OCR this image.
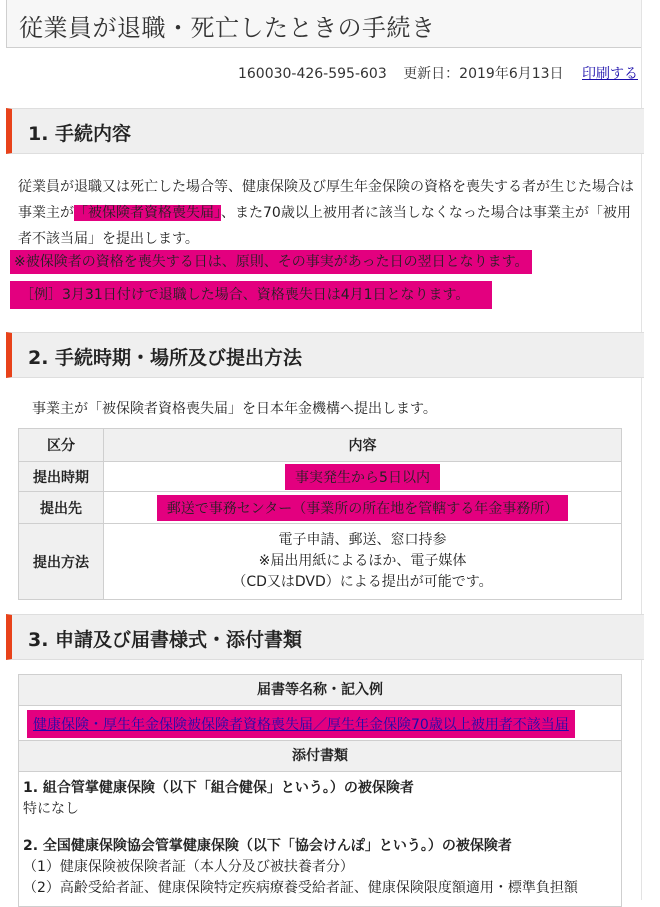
従業員が退職・死亡したときの手続き
160030-426-595-603 更新日：2019年6月13日 印刷する
1. 手続内容
従業員が退職又は死亡した場合等、健康保険及び厚生年金保険の資格を喪失する者が生じた場合は事業主が「被保険者資格喪失届」、また70歳以上被用者に該当しなくなった場合は事業主が「被用者不該当届」を提出します。
※被保険者の資格を喪失する日は、原則、その事実があった日の翌日となります。
［例］3月31日付けで退職した場合、資格喪失日は4月1日となります。
2. 手続時期・場所及び提出方法
事業主が「被保険者資格喪失届」を日本年金機構へ提出します。
区分	内容
提出時期	事実発生から5日以内
提出先	郵送で事務センター（事業所の所在地を管轄する年金事務所）
提出方法	電子申請、郵送、窓口持参
※届出用紙によるほか、電子媒体
（CD又はDVD）による提出が可能です。
3. 申請及び届書様式・添付書類
届書等名称・記入例
健康保険・厚生年金保険被保険者資格喪失届／厚生年金保険70歳以上被用者不該当届
添付書類
1. 組合管掌健康保険（以下「組合健保」という。）の被保険者
特になし
2. 全国健康保険協会管掌健康保険（以下「協会けんぽ」という。）の被保険者
（1）健康保険被保険者証（本人分及び被扶養者分）
（2）高齢受給者証、健康保険特定疾病療養受給者証、健康保険限度額適用・標準負担額
